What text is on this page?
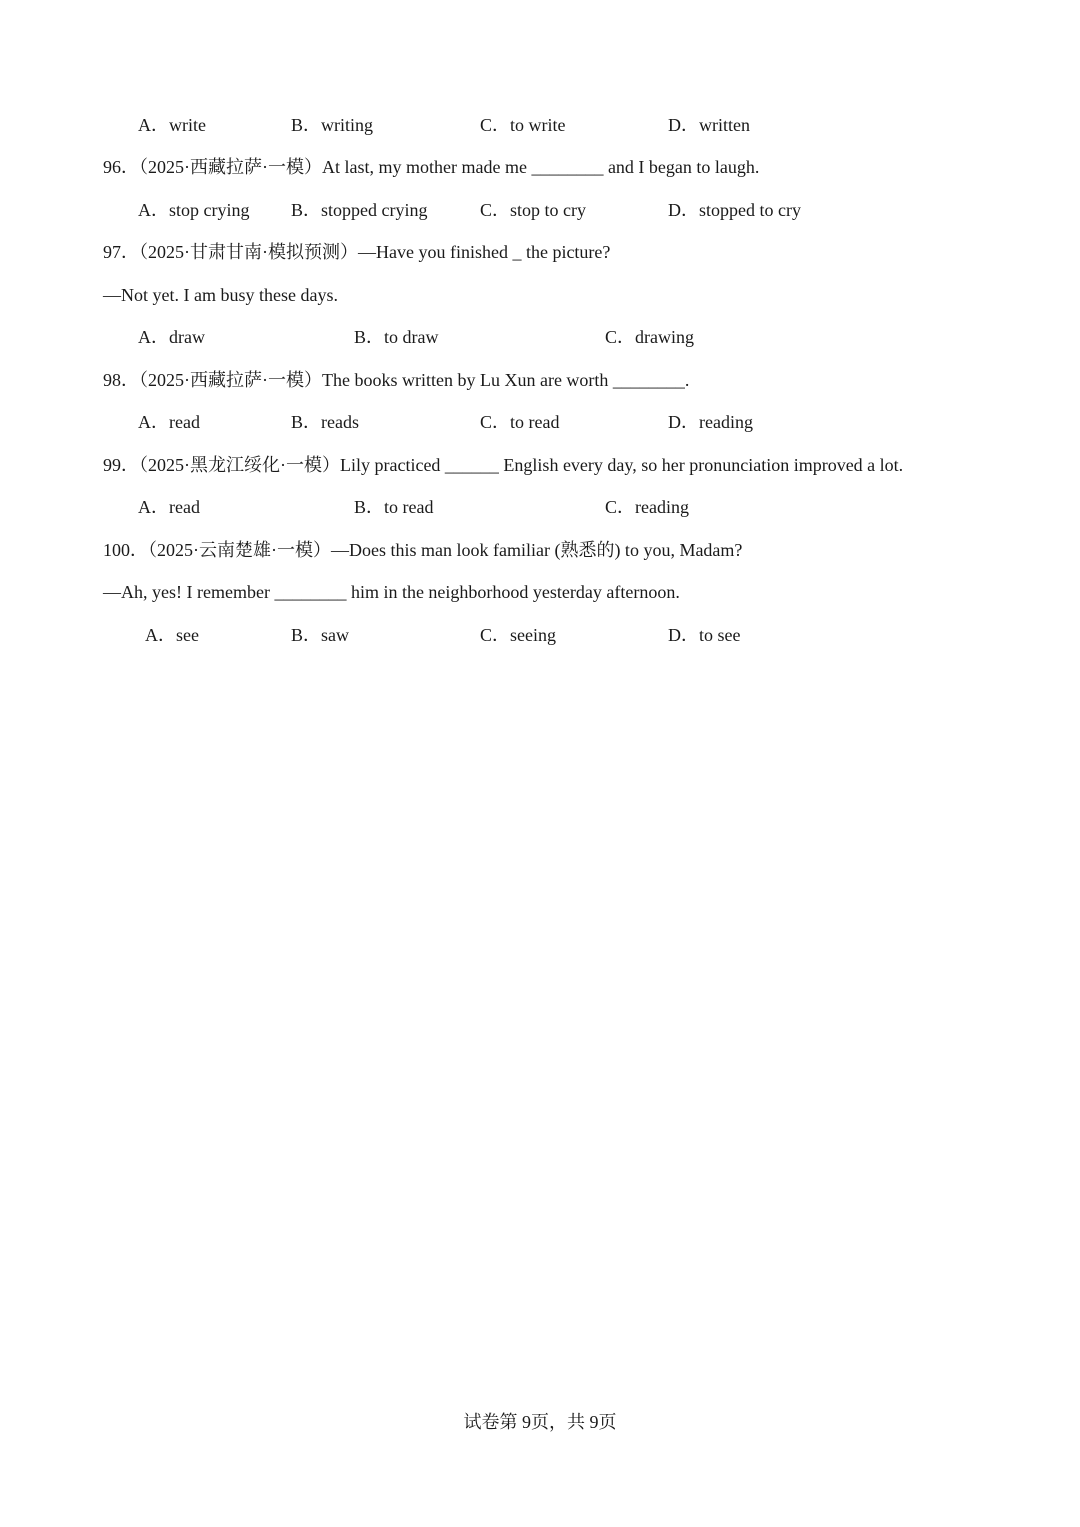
A．write	B．writing	C．to write	D．written
96．（2025·西藏拉萨·一模）At last, my mother made me ________ and I began to laugh.
A．stop crying B．stopped crying	C．stop to cry	D．stopped to cry
97．（2025·甘肃甘南·模拟预测）—Have you finished _ the picture?
—Not yet. I am busy these days.
A．draw	B．to draw	C．drawing
98．（2025·西藏拉萨·一模）The books written by Lu Xun are worth ________.
A．read	B．reads	C．to read	D．reading
99．（2025·黑龙江绥化·一模）Lily practiced ______ English every day, so her pronunciation improved a lot.
A．read	B．to read	C．reading
100．（2025·云南楚雄·一模）—Does this man look familiar (熟悉的) to you, Madam?
—Ah, yes! I remember ________ him in the neighborhood yesterday afternoon.
A．see	B．saw	C．seeing	D．to see
试卷第 9页，共 9页
